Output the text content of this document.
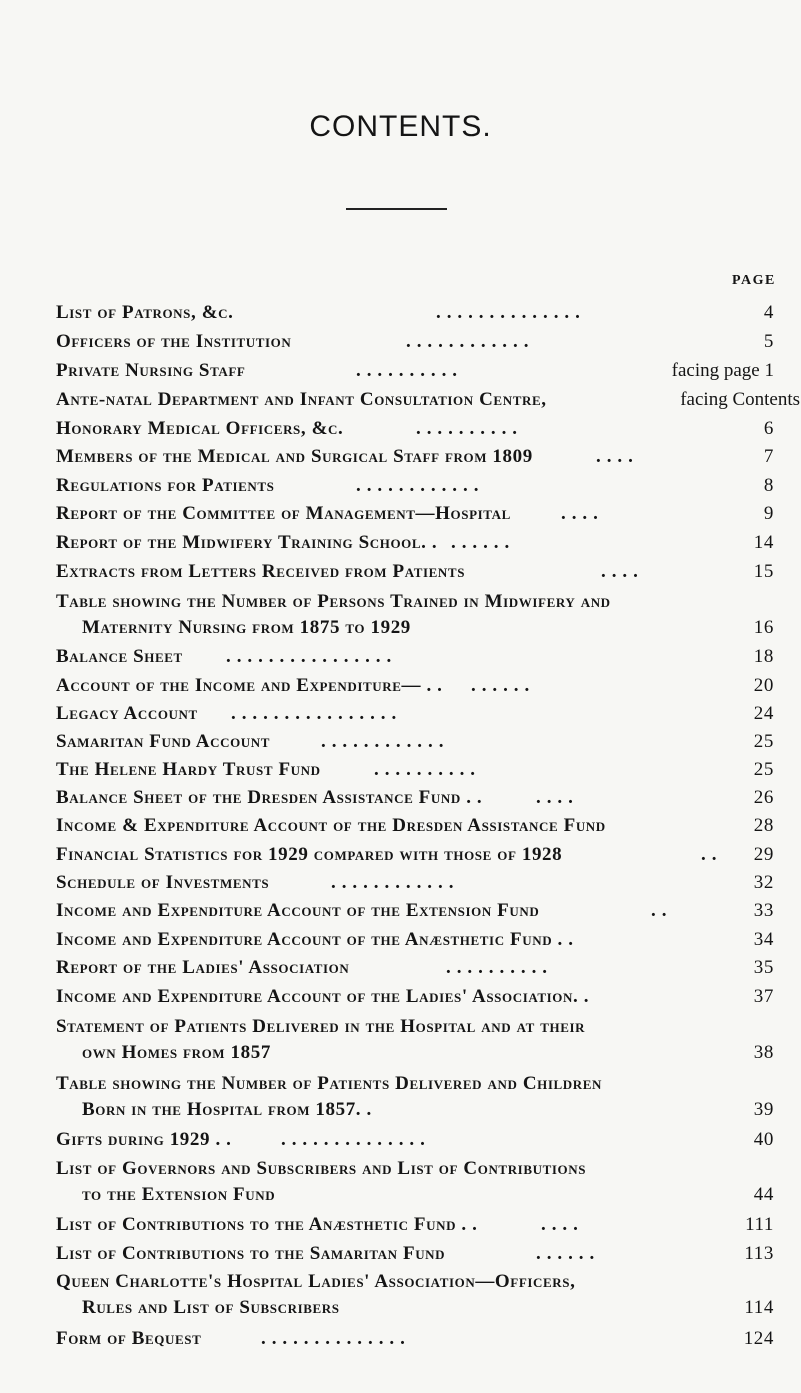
CONTENTS.
PAGE
List of Patrons, &c.	. . . . . . . . . . . . . .	4
Officers of the Institution	. . . . . . . . . . . .	5
Private Nursing Staff	. . . . . . . . . .	facing page 1
Ante-natal Department and Infant Consultation Centre,	facing Contents
Honorary Medical Officers, &c.	. . . . . . . . . .	6
Members of the Medical and Surgical Staff from 1809	. . . .	7
Regulations for Patients	. . . . . . . . . . . .	8
Report of the Committee of Management—Hospital	. . . .	9
Report of the Midwifery Training School. . . . . . . .	14
Extracts from Letters Received from Patients	. . . .	15
Table showing the Number of Persons Trained in Midwifery and
Maternity Nursing from 1875 to 1929	16
Balance Sheet . . . . . . . . . . . . . . . .	18
Account of the Income and Expenditure— . . . . . . . .	20
Legacy Account . . . . . . . . . . . . . . . .	24
Samaritan Fund Account	. . . . . . . . . . . .	25
The Helene Hardy Trust Fund	. . . . . . . . . .	25
Balance Sheet of the Dresden Assistance Fund . .	. . . .	26
Income & Expenditure Account of the Dresden Assistance Fund	28
Financial Statistics for 1929 compared with those of 1928	. . 29
Schedule of Investments	. . . . . . . . . . . .	32
Income and Expenditure Account of the Extension Fund	. .	33
Income and Expenditure Account of the Anæsthetic Fund . .	34
Report of the Ladies' Association	. . . . . . . . . .	35
Income and Expenditure Account of the Ladies' Association. .	37
Statement of Patients Delivered in the Hospital and at their
own Homes from 1857	38
Table showing the Number of Patients Delivered and Children
Born in the Hospital from 1857. .	39
Gifts during 1929 . .	. . . . . . . . . . . . . .	40
List of Governors and Subscribers and List of Contributions
to the Extension Fund	44
List of Contributions to the Anæsthetic Fund . .	. . . .	111
List of Contributions to the Samaritan Fund	. . . . . .	113
Queen Charlotte's Hospital Ladies' Association—Officers,
Rules and List of Subscribers	114
Form of Bequest	. . . . . . . . . . . . . .	124
